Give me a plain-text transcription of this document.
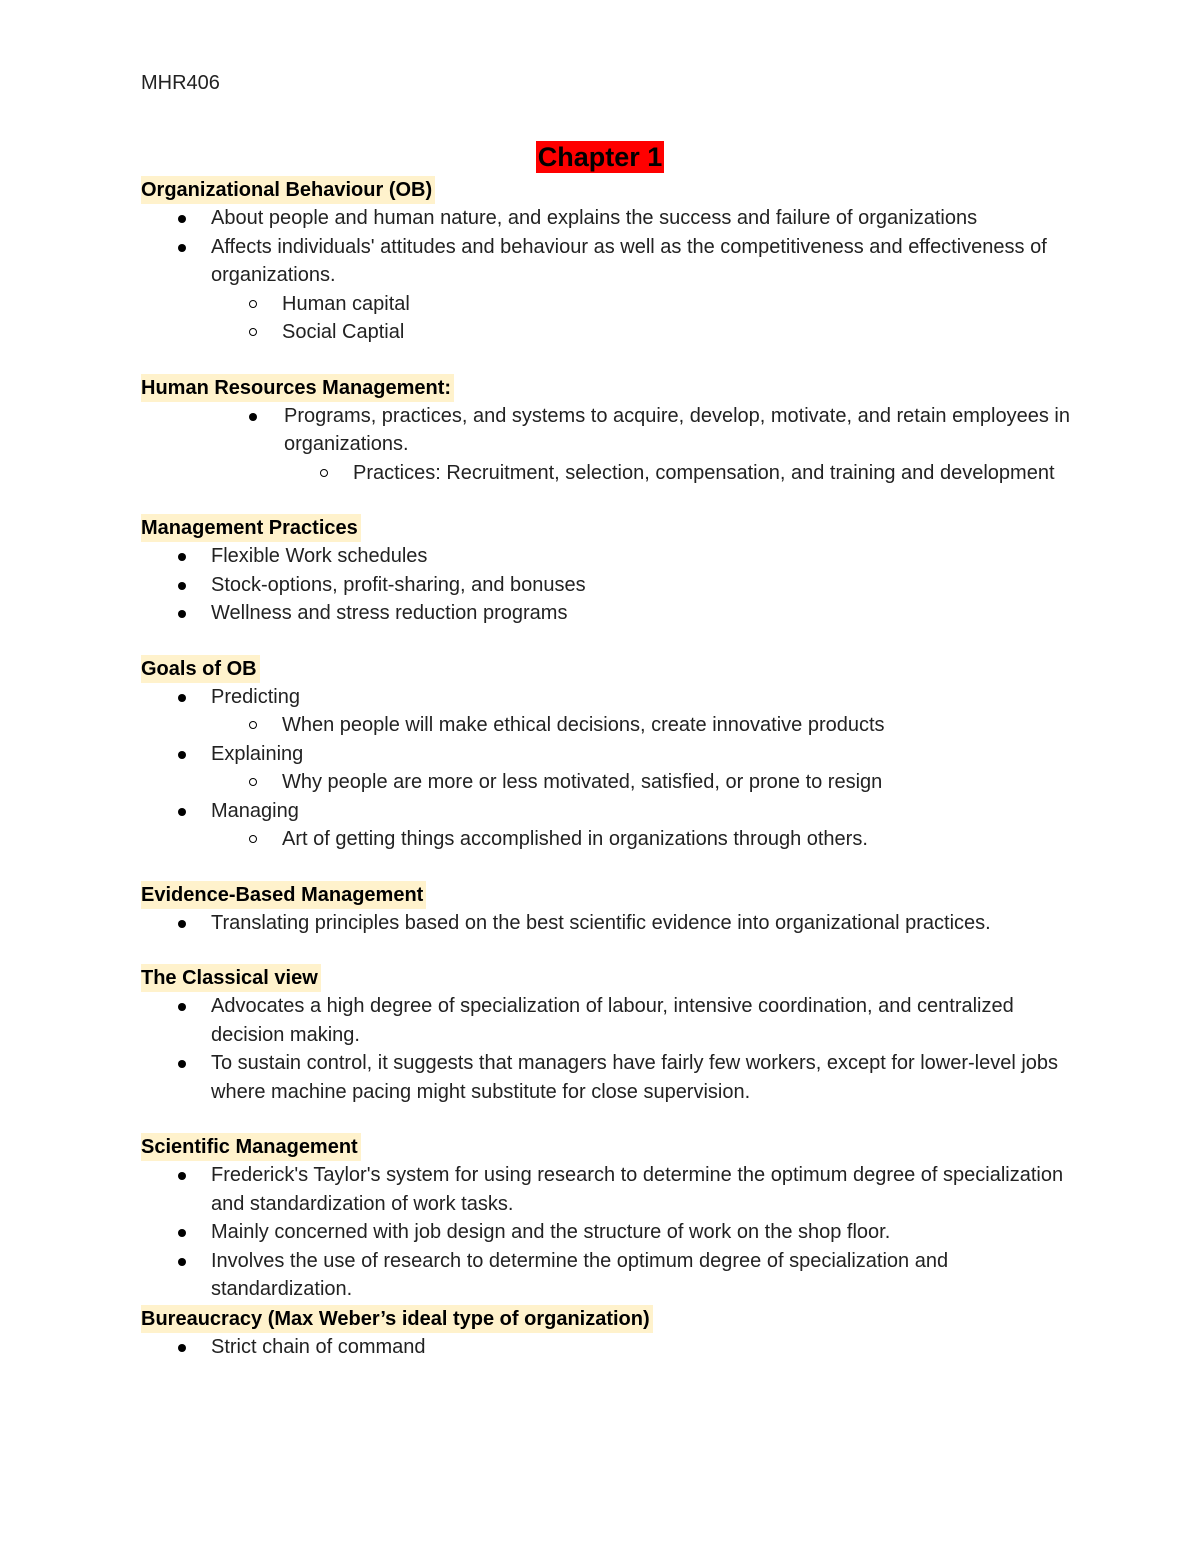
MHR406
Chapter 1
Organizational Behaviour (OB)
About people and human nature, and explains the success and failure of organizations
Affects individuals' attitudes and behaviour as well as the competitiveness and effectiveness of organizations.
Human capital
Social Captial
Human Resources Management:
Programs, practices, and systems to acquire, develop, motivate, and retain employees in organizations.
Practices: Recruitment, selection, compensation, and training and development
Management Practices
Flexible Work schedules
Stock-options, profit-sharing, and bonuses
Wellness and stress reduction programs
Goals of OB
Predicting
When people will make ethical decisions, create innovative products
Explaining
Why people are more or less motivated, satisfied, or prone to resign
Managing
Art of getting things accomplished in organizations through others.
Evidence-Based Management
Translating principles based on the best scientific evidence into organizational practices.
The Classical view
Advocates a high degree of specialization of labour, intensive coordination, and centralized decision making.
To sustain control, it suggests that managers have fairly few workers, except for lower-level jobs where machine pacing might substitute for close supervision.
Scientific Management
Frederick's Taylor's system for using research to determine the optimum degree of specialization and standardization of work tasks.
Mainly concerned with job design and the structure of work on the shop floor.
Involves the use of research to determine the optimum degree of specialization and standardization.
Bureaucracy (Max Weber’s ideal type of organization)
Strict chain of command
